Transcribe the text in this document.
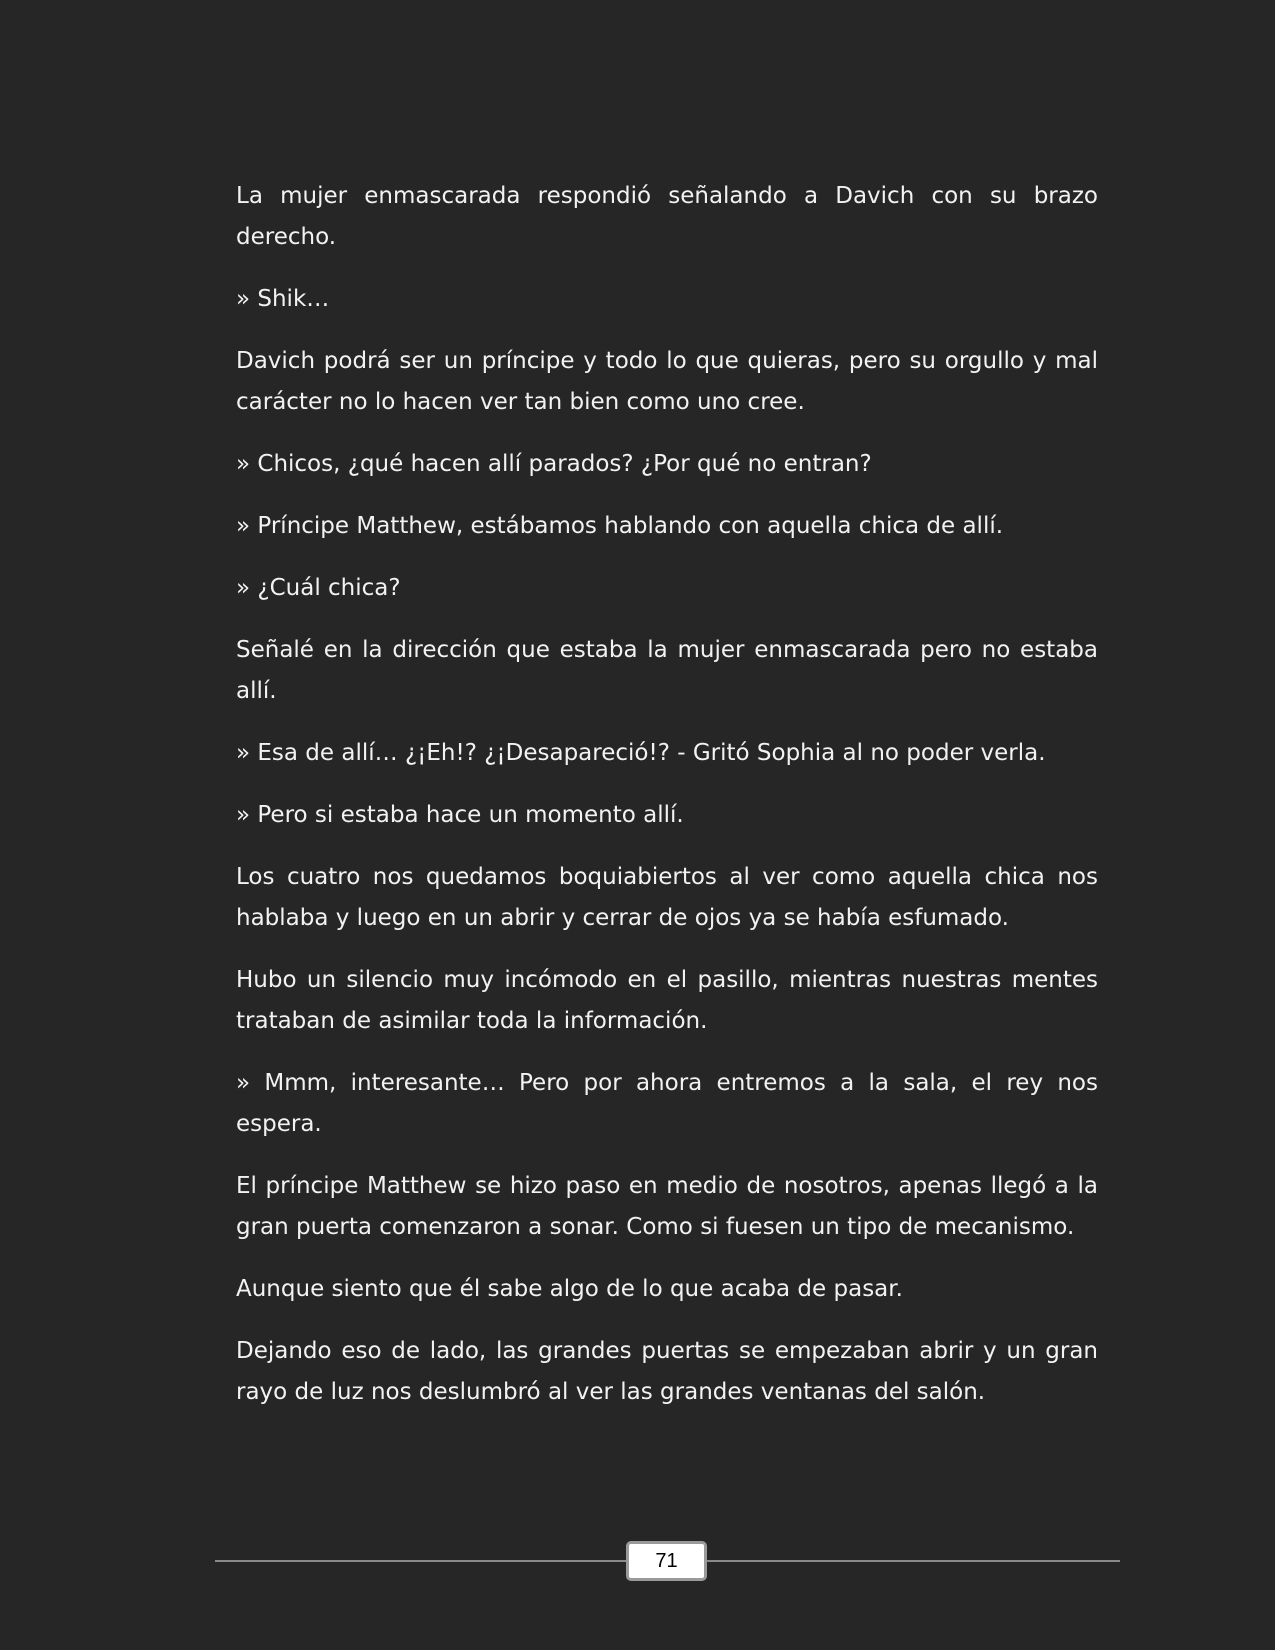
La mujer enmascarada respondió señalando a Davich con su brazo derecho.

» Shik…

Davich podrá ser un príncipe y todo lo que quieras, pero su orgullo y mal carácter no lo hacen ver tan bien como uno cree.

» Chicos, ¿qué hacen allí parados? ¿Por qué no entran?

» Príncipe Matthew, estábamos hablando con aquella chica de allí.

» ¿Cuál chica?

Señalé en la dirección que estaba la mujer enmascarada pero no estaba allí.

» Esa de allí… ¿¡Eh!? ¿¡Desapareció!? - Gritó Sophia al no poder verla.

» Pero si estaba hace un momento allí.

Los cuatro nos quedamos boquiabiertos al ver como aquella chica nos hablaba y luego en un abrir y cerrar de ojos ya se había esfumado.

Hubo un silencio muy incómodo en el pasillo, mientras nuestras mentes trataban de asimilar toda la información.

» Mmm, interesante… Pero por ahora entremos a la sala, el rey nos espera.

El príncipe Matthew se hizo paso en medio de nosotros, apenas llegó a la gran puerta comenzaron a sonar. Como si fuesen un tipo de mecanismo.

Aunque siento que él sabe algo de lo que acaba de pasar.

Dejando eso de lado, las grandes puertas se empezaban abrir y un gran rayo de luz nos deslumbró al ver las grandes ventanas del salón.

71
